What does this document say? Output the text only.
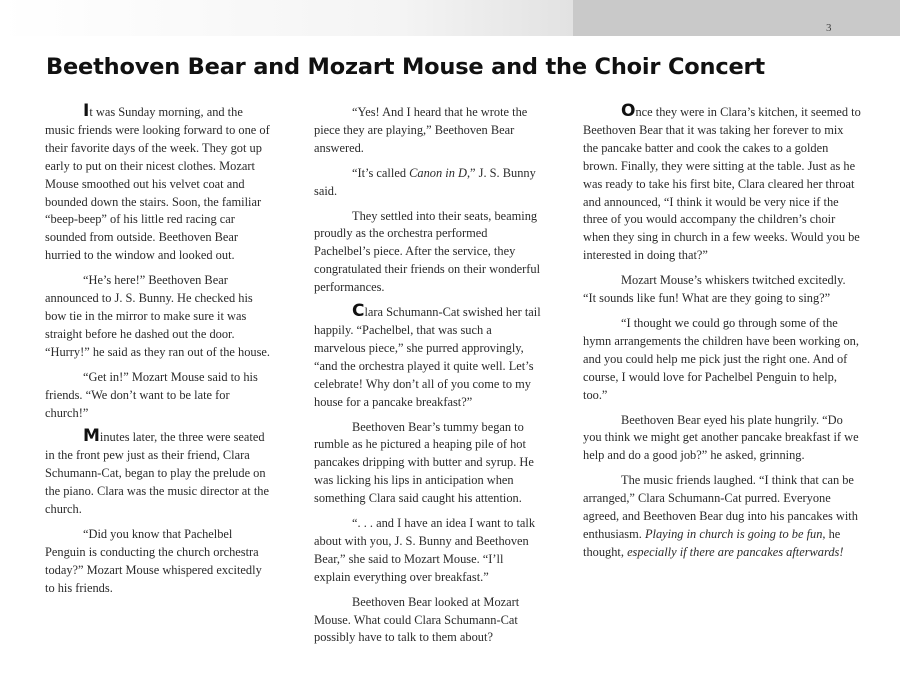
3
Beethoven Bear and Mozart Mouse and the Choir Concert

It was Sunday morning, and the music friends were looking forward to one of their favorite days of the week. They got up early to put on their nicest clothes. Mozart Mouse smoothed out his velvet coat and bounded down the stairs. Soon, the familiar “beep-beep” of his little red racing car sounded from outside. Beethoven Bear hurried to the window and looked out.

“He’s here!” Beethoven Bear announced to J. S. Bunny. He checked his bow tie in the mirror to make sure it was straight before he dashed out the door. “Hurry!” he said as they ran out of the house.

“Get in!” Mozart Mouse said to his friends. “We don’t want to be late for church!”

Minutes later, the three were seated in the front pew just as their friend, Clara Schumann-Cat, began to play the prelude on the piano. Clara was the music director at the church.

“Did you know that Pachelbel Penguin is conducting the church orchestra today?” Mozart Mouse whispered excitedly to his friends.

“Yes! And I heard that he wrote the piece they are playing,” Beethoven Bear answered.

“It’s called Canon in D,” J. S. Bunny said.

They settled into their seats, beaming proudly as the orchestra performed Pachelbel’s piece. After the service, they congratulated their friends on their wonderful performances.

Clara Schumann-Cat swished her tail happily. “Pachelbel, that was such a marvelous piece,” she purred approvingly, “and the orchestra played it quite well. Let’s celebrate! Why don’t all of you come to my house for a pancake breakfast?”

Beethoven Bear’s tummy began to rumble as he pictured a heaping pile of hot pancakes dripping with butter and syrup. He was licking his lips in anticipation when something Clara said caught his attention.

“. . . and I have an idea I want to talk about with you, J. S. Bunny and Beethoven Bear,” she said to Mozart Mouse. “I’ll explain everything over breakfast.”

Beethoven Bear looked at Mozart Mouse. What could Clara Schumann-Cat possibly have to talk to them about?

Once they were in Clara’s kitchen, it seemed to Beethoven Bear that it was taking her forever to mix the pancake batter and cook the cakes to a golden brown. Finally, they were sitting at the table. Just as he was ready to take his first bite, Clara cleared her throat and announced, “I think it would be very nice if the three of you would accompany the children’s choir when they sing in church in a few weeks. Would you be interested in doing that?”

Mozart Mouse’s whiskers twitched excitedly. “It sounds like fun! What are they going to sing?”

“I thought we could go through some of the hymn arrangements the children have been working on, and you could help me pick just the right one. And of course, I would love for Pachelbel Penguin to help, too.”

Beethoven Bear eyed his plate hungrily. “Do you think we might get another pancake breakfast if we help and do a good job?” he asked, grinning.

The music friends laughed. “I think that can be arranged,” Clara Schumann-Cat purred. Everyone agreed, and Beethoven Bear dug into his pancakes with enthusiasm. Playing in church is going to be fun, he thought, especially if there are pancakes afterwards!
